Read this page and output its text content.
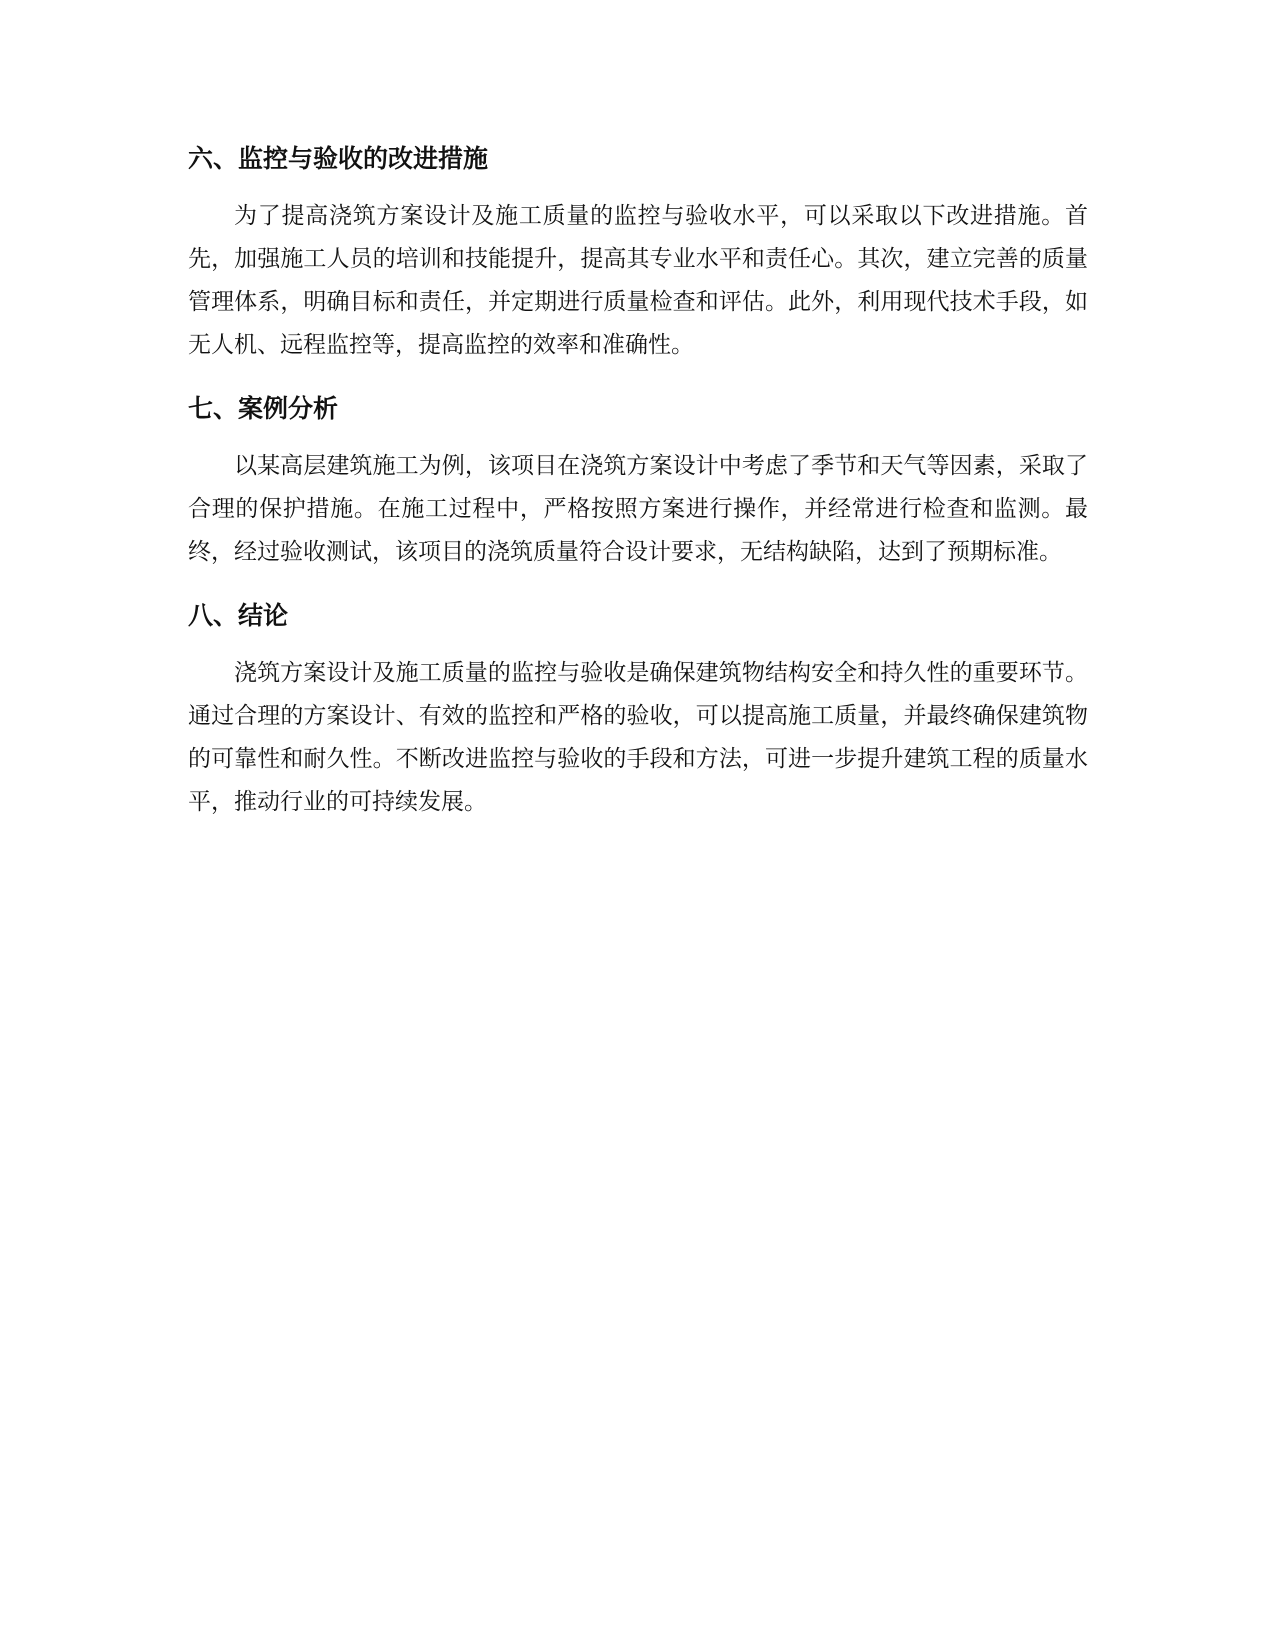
六、监控与验收的改进措施

为了提高浇筑方案设计及施工质量的监控与验收水平，可以采取以下改进措施。首先，加强施工人员的培训和技能提升，提高其专业水平和责任心。其次，建立完善的质量管理体系，明确目标和责任，并定期进行质量检查和评估。此外，利用现代技术手段，如无人机、远程监控等，提高监控的效率和准确性。

七、案例分析

以某高层建筑施工为例，该项目在浇筑方案设计中考虑了季节和天气等因素，采取了合理的保护措施。在施工过程中，严格按照方案进行操作，并经常进行检查和监测。最终，经过验收测试，该项目的浇筑质量符合设计要求，无结构缺陷，达到了预期标准。

八、结论

浇筑方案设计及施工质量的监控与验收是确保建筑物结构安全和持久性的重要环节。通过合理的方案设计、有效的监控和严格的验收，可以提高施工质量，并最终确保建筑物的可靠性和耐久性。不断改进监控与验收的手段和方法，可进一步提升建筑工程的质量水平，推动行业的可持续发展。
